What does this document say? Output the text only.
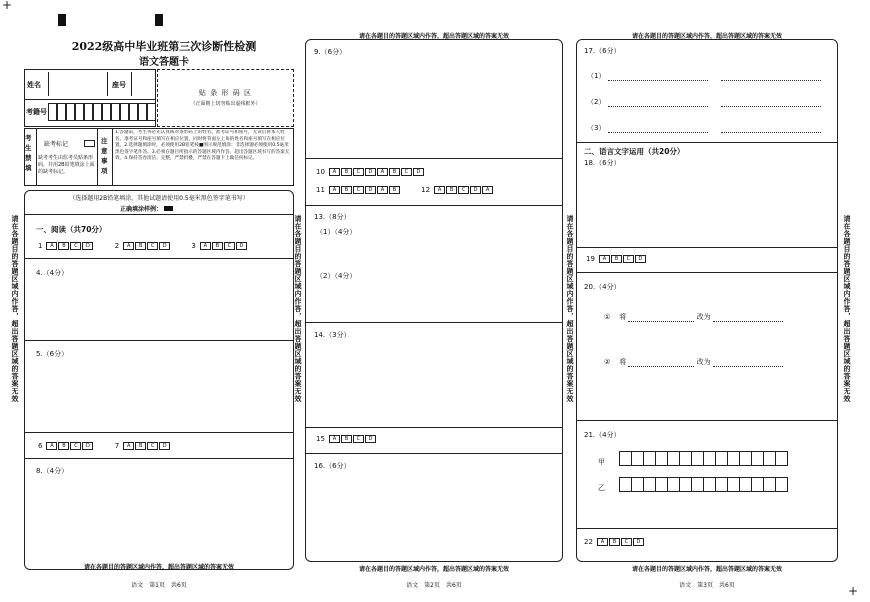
+
+
请在各题目的答题区域内作答，超出答题区域的答案无效	请在各题目的答题区域内作答，超出答题区域的答案无效	请在各题目的答题区域内作答，超出答题区域的答案无效	请在各题目的答题区域内作答，超出答题区域的答案无效
2022级高中毕业班第三次诊断性检测
语文答题卡
姓名	座号
考籍号
贴 条 形 码 区
（正面朝上切勿贴出虚线框外）
考生禁填
缺考标记
缺考考生由监考员贴条形码，并用2B铅笔填涂上面的缺考标记。
注意事项
1.答题前，考生务必先认真核对条形码上的姓名、准考证号和座号，无误后将本人姓名、准考证号和座号填写在相应位置，同时将背面左上角的姓名和座号填写在相应位置。2.选择题填涂时，必须使用2B铅笔按■图示规范填涂；非选择题必须使用0.5毫米黑色签字笔作答。3.必须在题目所指示的答题区域内作答，超出答题区域书写的答案无效。4.保持答卷清洁、完整，严禁折叠，严禁在答题卡上做任何标记。
（选择题用2B铅笔填涂，其他试题请使用0.5毫米黑色签字笔书写）
正确填涂样例：
一、阅读（共70分）
1 A B C D	2 A B C D	3 A B C D
4.（4分）
5.（6分）
6 A B C D	7 A B C D
8.（4分）
请在各题目的答题区域内作答，超出答题区域的答案无效
语文　第1页　共6页
请在各题目的答题区域内作答，超出答题区域的答案无效
9.（6分）
10 A B C D A B C D
11 A B C D A B	12 A B C D A
13.（8分）
（1）（4分）
（2）（4分）
14.（3分）
15 A B C D
16.（6分）
请在各题目的答题区域内作答，超出答题区域的答案无效
语文　第2页　共6页
请在各题目的答题区域内作答，超出答题区域的答案无效
17.（6分）
（1）
（2）
（3）
二、语言文字运用（共20分）
18.（6分）
19 A B C D
20.（4分）
① 将	改为
② 将	改为
21.（4分）
甲
乙
22 A B C D
请在各题目的答题区域内作答，超出答题区域的答案无效
语文　第3页　共6页
